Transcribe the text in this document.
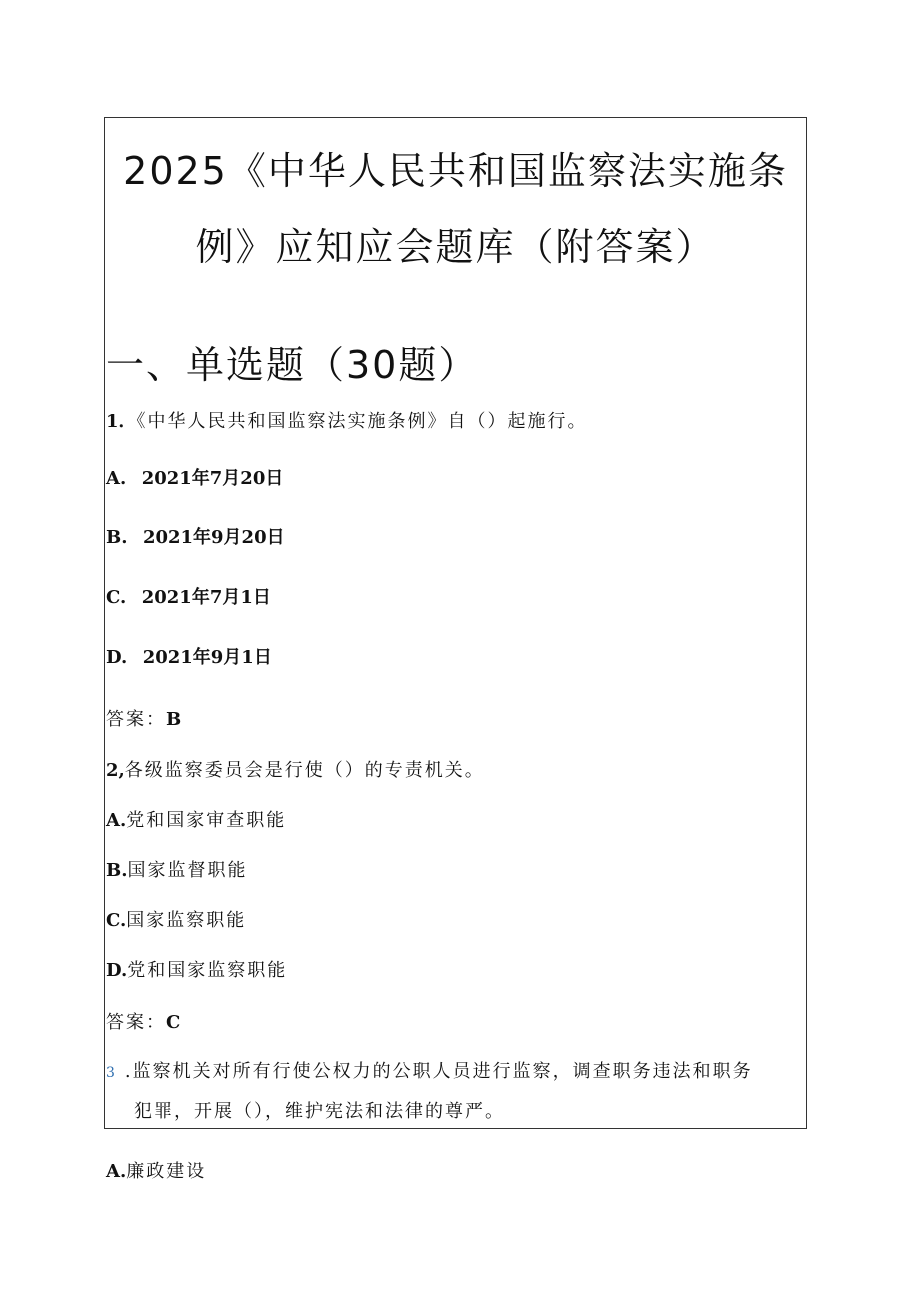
2025《中华人民共和国监察法实施条
例》应知应会题库（附答案）
一、单选题（30题）
1．《中华人民共和国监察法实施条例》自（）起施行。
A. 2021年7月20日
B. 2021年9月20日
C. 2021年7月1日
D. 2021年9月1日
答案：B
2,各级监察委员会是行使（）的专责机关。
A.党和国家审查职能
B.国家监督职能
C.国家监察职能
D.党和国家监察职能
答案：C
3 .监察机关对所有行使公权力的公职人员进行监察，调查职务违法和职务
犯罪，开展（），维护宪法和法律的尊严。
A.廉政建设
